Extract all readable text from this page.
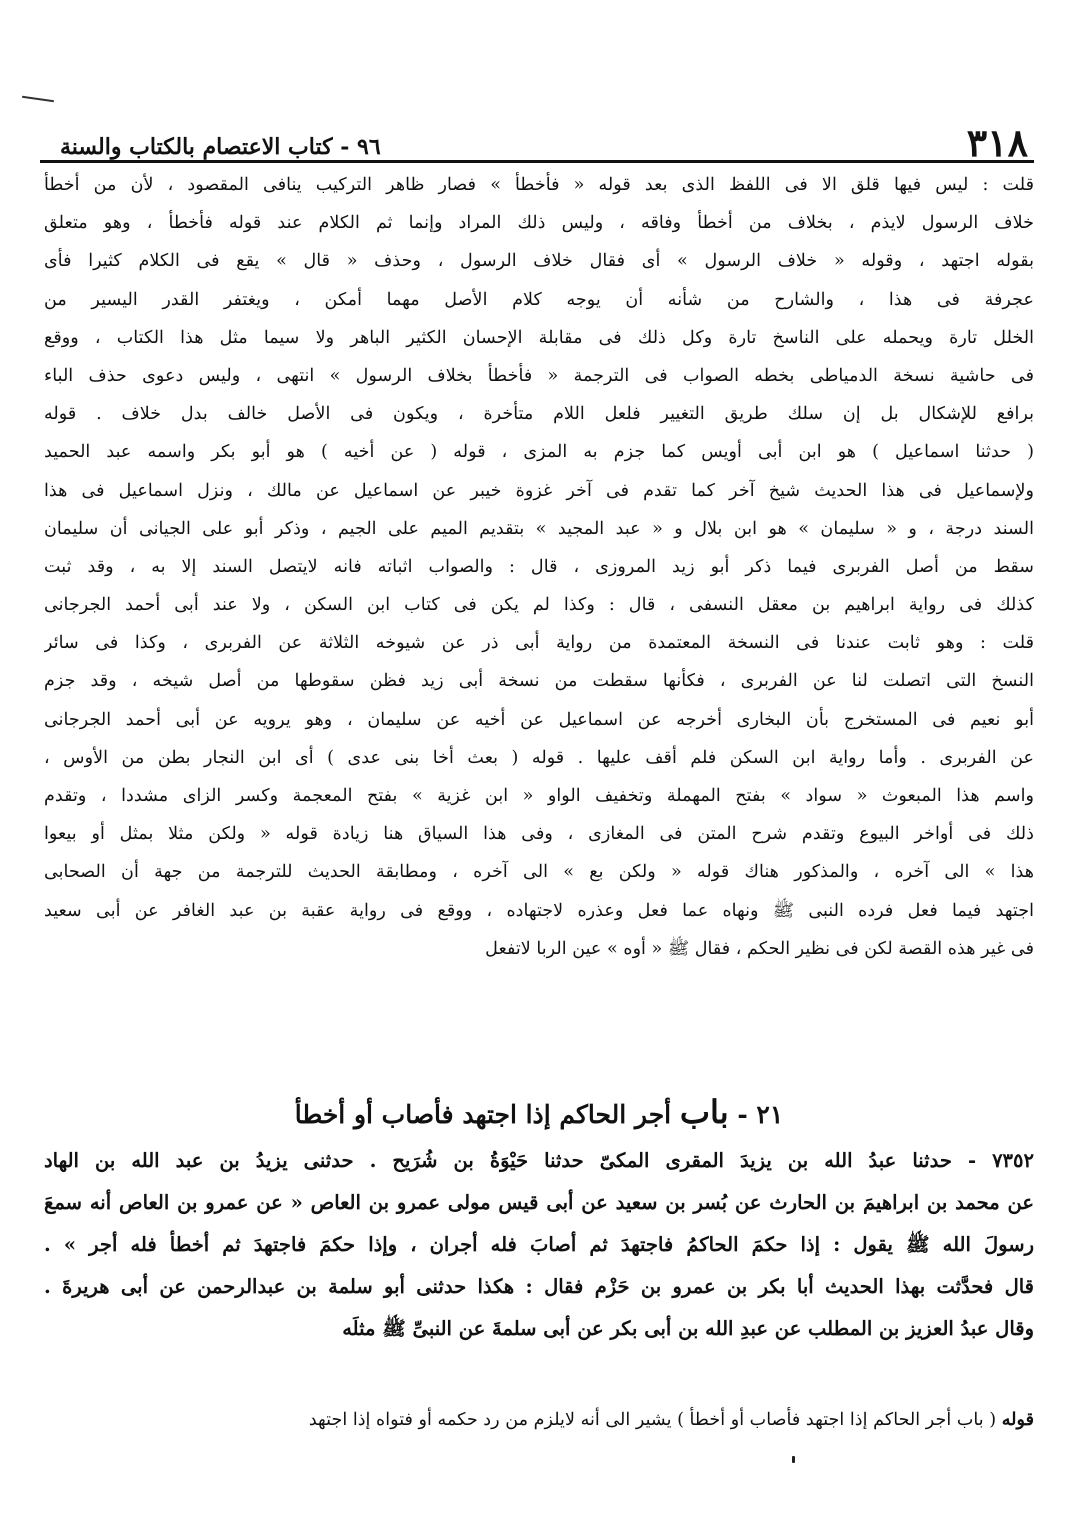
٣١٨
٩٦ - كتاب الاعتصام بالكتاب والسنة
قلت : ليس فيها قلق الا فى اللفظ الذى بعد قوله « فأخطأ » فصار ظاهر التركيب ينافى المقصود ، لأن من أخطأ
خلاف الرسول لايذم ، بخلاف من أخطأ وفاقه ، وليس ذلك المراد وإنما ثم الكلام عند قوله فأخطأ ، وهو متعلق
بقوله اجتهد ، وقوله « خلاف الرسول » أى فقال خلاف الرسول ، وحذف « قال » يقع فى الكلام كثيرا فأى
عجرفة فى هذا ، والشارح من شأنه أن يوجه كلام الأصل مهما أمكن ، ويغتفر القدر اليسير من
الخلل تارة ويحمله على الناسخ تارة وكل ذلك فى مقابلة الإحسان الكثير الباهر ولا سيما مثل هذا الكتاب ، ووقع
فى حاشية نسخة الدمياطى بخطه الصواب فى الترجمة « فأخطأ بخلاف الرسول » انتهى ، وليس دعوى حذف الباء
برافع للإشكال بل إن سلك طريق التغيير فلعل اللام متأخرة ، ويكون فى الأصل خالف بدل خلاف . قوله
( حدثنا اسماعيل ) هو ابن أبى أويس كما جزم به المزى ، قوله ( عن أخيه ) هو أبو بكر واسمه عبد الحميد
ولإسماعيل فى هذا الحديث شيخ آخر كما تقدم فى آخر غزوة خيبر عن اسماعيل عن مالك ، ونزل اسماعيل فى هذا
السند درجة ، و « سليمان » هو ابن بلال و « عبد المجيد » بتقديم الميم على الجيم ، وذكر أبو على الجيانى أن سليمان
سقط من أصل الفربرى فيما ذكر أبو زيد المروزى ، قال : والصواب اثباته فانه لايتصل السند إلا به ، وقد ثبت
كذلك فى رواية ابراهيم بن معقل النسفى ، قال : وكذا لم يكن فى كتاب ابن السكن ، ولا عند أبى أحمد الجرجانى
قلت : وهو ثابت عندنا فى النسخة المعتمدة من رواية أبى ذر عن شيوخه الثلاثة عن الفربرى ، وكذا فى سائر
النسخ التى اتصلت لنا عن الفربرى ، فكأنها سقطت من نسخة أبى زيد فظن سقوطها من أصل شيخه ، وقد جزم
أبو نعيم فى المستخرج بأن البخارى أخرجه عن اسماعيل عن أخيه عن سليمان ، وهو يرويه عن أبى أحمد الجرجانى
عن الفربرى . وأما رواية ابن السكن فلم أقف عليها . قوله ( بعث أخا بنى عدى ) أى ابن النجار بطن من الأوس ،
واسم هذا المبعوث « سواد » بفتح المهملة وتخفيف الواو « ابن غزية » بفتح المعجمة وكسر الزاى مشددا ، وتقدم
ذلك فى أواخر البيوع وتقدم شرح المتن فى المغازى ، وفى هذا السياق هنا زيادة قوله « ولكن مثلا بمثل أو بيعوا
هذا » الى آخره ، والمذكور هناك قوله « ولكن بع » الى آخره ، ومطابقة الحديث للترجمة من جهة أن الصحابى
اجتهد فيما فعل فرده النبى ﷺ ونهاه عما فعل وعذره لاجتهاده ، ووقع فى رواية عقبة بن عبد الغافر عن أبى سعيد
فى غير هذه القصة لكن فى نظير الحكم ، فقال ﷺ « أوه » عين الربا لاتفعل
٢١ - باب أجر الحاكم إذا اجتهد فأصاب أو أخطأ
٧٣٥٢ - حدثنا عبدُ الله بن يزيدَ المقرى المكىّ حدثنا حَيْوَةُ بن شُرَيح . حدثنى يزيدُ بن عبد الله بن الهاد
عن محمد بن ابراهيمَ بن الحارث عن بُسر بن سعيد عن أبى قيس مولى عمرو بن العاص « عن عمرو بن العاص أنه سمعَ
رسولَ الله ﷺ يقول : إذا حكمَ الحاكمُ فاجتهدَ ثم أصابَ فله أجران ، وإذا حكمَ فاجتهدَ ثم أخطأ فله أجر » .
قال فحدَّثت بهذا الحديث أبا بكر بن عمرو بن حَزْم فقال : هكذا حدثنى أبو سلمة بن عبدالرحمن عن أبى هريرةَ .
وقال عبدُ العزيز بن المطلب عن عبدِ الله بن أبى بكر عن أبى سلمةَ عن النبىِّ ﷺ مثلَه
قوله ( باب أجر الحاكم إذا اجتهد فأصاب أو أخطأ ) يشير الى أنه لايلزم من رد حكمه أو فتواه إذا اجتهد
